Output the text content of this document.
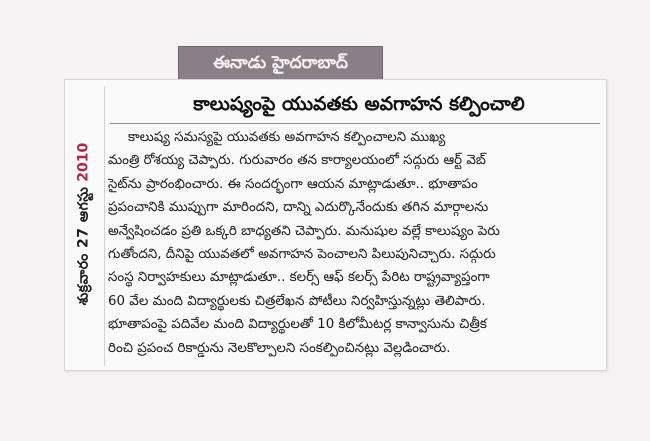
ఈనాడు హైదరాబాద్
శుక్రవారం 27 ఆగస్టు 2010
కాలుష్యంపై యువతకు అవగాహన కల్పించాలి
కాలుష్య సమస్యపై యువతకు అవగాహన కల్పించాలని ముఖ్య
మంత్రి రోశయ్య చెప్పారు. గురువారం తన కార్యాలయంలో సద్గురు ఆర్ట్ వెబ్
సైట్‌ను ప్రారంభించారు. ఈ సందర్భంగా ఆయన మాట్లాడుతూ.. భూతాపం
ప్రపంచానికి ముప్పుగా మారిందని, దాన్ని ఎదుర్కొనేందుకు తగిన మార్గాలను
అన్వేషించడం ప్రతి ఒక్కరి బాధ్యతని చెప్పారు. మనుషుల వల్లే కాలుష్యం పెరు
గుతోందని, దీనిపై యువతలో అవగాహన పెంచాలని పిలుపునిచ్చారు. సద్గురు
సంస్థ నిర్వాహకులు మాట్లాడుతూ.. కలర్స్ ఆఫ్ కలర్స్ పేరిట రాష్ట్రవ్యాప్తంగా
60 వేల మంది విద్యార్థులకు చిత్రలేఖన పోటీలు నిర్వహిస్తున్నట్లు తెలిపారు.
భూతాపంపై పదివేల మంది విద్యార్థులతో 10 కిలోమీటర్ల కాన్వాసును చిత్రీక
రించి ప్రపంచ రికార్డును నెలకొల్పాలని సంకల్పించినట్లు వెల్లడించారు.
